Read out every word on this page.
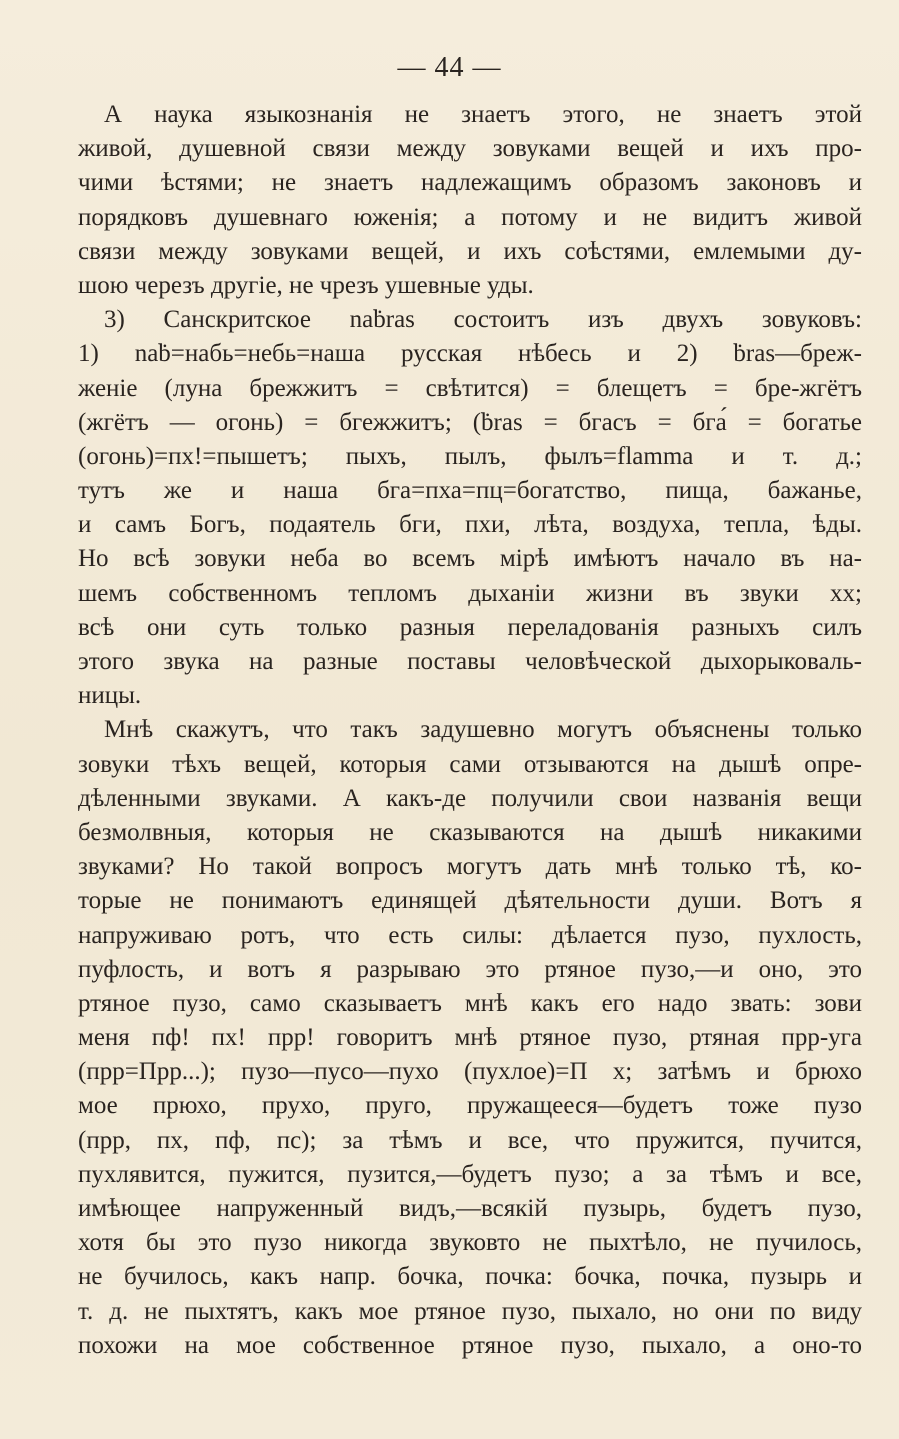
— 44 —
А наука языкознанія не знаетъ этого, не знаетъ этой
живой, душевной связи между зовуками вещей и ихъ про-
чими ѣстями; не знаетъ надлежащимъ образомъ законовъ и
порядковъ душевнаго юженія; а потому и не видитъ живой
связи между зовуками вещей, и ихъ соѣстями, емлемыми ду-
шою черезъ другіе, не чрезъ ушевные уды.
3) Санскритское naḃras состоитъ изъ двухъ зовуковъ:
1) naḃ=набь=небь=наша русская нѣбесь и 2) ḃras—бреж-
женіе (луна брежжитъ = свѣтится) = блещетъ = бре-жгётъ
(жгётъ — огонь) = бгежжитъ; (ḃras = бгасъ = бга́ = богатье
(огонь)=пх!=пышетъ; пыхъ, пылъ, фылъ=flamma и т. д.;
тутъ же и наша бга=пха=пц=богатство, пища, бажанье,
и самъ Богъ, подаятель бги, пхи, лѣта, воздуха, тепла, ѣды.
Но всѣ зовуки неба во всемъ мірѣ имѣютъ начало въ на-
шемъ собственномъ тепломъ дыханіи жизни въ звуки хх;
всѣ они суть только разныя переладованія разныхъ силъ
этого звука на разные поставы человѣческой дыхорыковаль-
ницы.
Мнѣ скажутъ, что такъ задушевно могутъ объяснены только
зовуки тѣхъ вещей, которыя сами отзываются на дышѣ опре-
дѣленными звуками. А какъ-де получили свои названія вещи
безмолвныя, которыя не сказываются на дышѣ никакими
звуками? Но такой вопросъ могутъ дать мнѣ только тѣ, ко-
торые не понимаютъ единящей дѣятельности души. Вотъ я
напруживаю ротъ, что есть силы: дѣлается пузо, пухлость,
пуфлость, и вотъ я разрываю это ртяное пузо,—и оно, это
ртяное пузо, само сказываетъ мнѣ какъ его надо звать: зови
меня пф! пх! прр! говоритъ мнѣ ртяное пузо, ртяная прр-уга
(прр=Прр...); пузо—пусо—пухо (пухлое)=П х; затѣмъ и брюхо
мое прюхо, прухо, пруго, пружащееся—будетъ тоже пузо
(прр, пх, пф, пс); за тѣмъ и все, что пружится, пучится,
пухлявится, пужится, пузится,—будетъ пузо; а за тѣмъ и все,
имѣющее напруженный видъ,—всякій пузырь, будетъ пузо,
хотя бы это пузо никогда звуковто не пыхтѣло, не пучилось,
не бучилось, какъ напр. бочка, почка: бочка, почка, пузырь и
т. д. не пыхтятъ, какъ мое ртяное пузо, пыхало, но они по виду
похожи на мое собственное ртяное пузо, пыхало, а оно-то
